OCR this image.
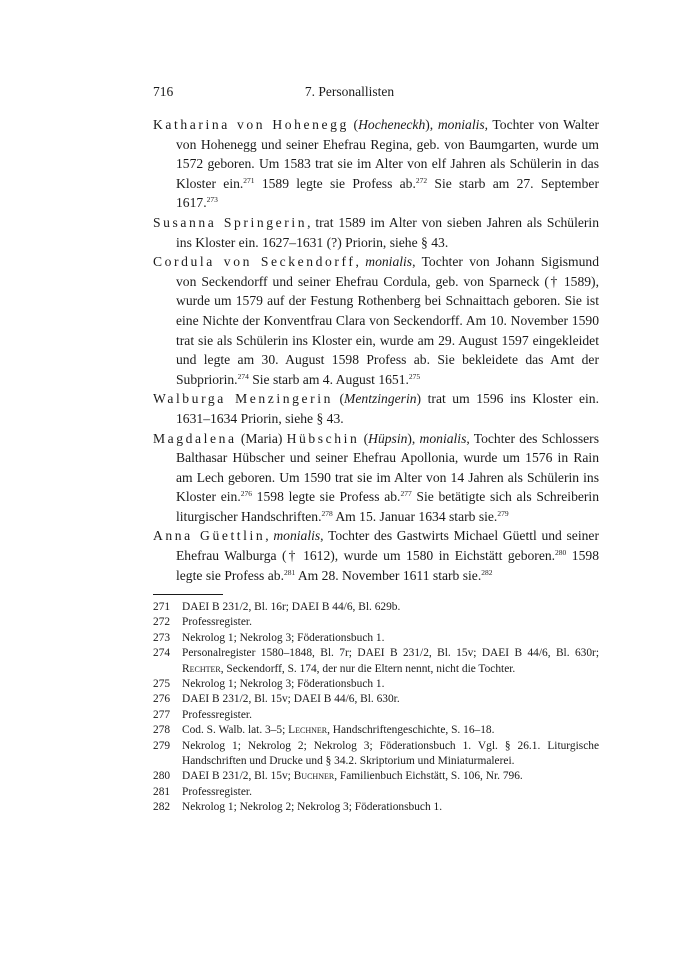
716	7. Personallisten

Katharina von Hohenegg (Hocheneckh), monialis, Tochter von Walter von Hohenegg und seiner Ehefrau Regina, geb. von Baumgarten, wurde um 1572 geboren. Um 1583 trat sie im Alter von elf Jahren als Schülerin in das Kloster ein.$^{271}$ 1589 legte sie Profess ab.$^{272}$ Sie starb am 27. September 1617.$^{273}$

Susanna Springerin, trat 1589 im Alter von sieben Jahren als Schülerin ins Kloster ein. 1627–1631 (?) Priorin, siehe § 43.

Cordula von Seckendorff, monialis, Tochter von Johann Sigismund von Seckendorff und seiner Ehefrau Cordula, geb. von Sparneck († 1589), wurde um 1579 auf der Festung Rothenberg bei Schnaittach geboren. Sie ist eine Nichte der Konventfrau Clara von Seckendorff. Am 10. November 1590 trat sie als Schülerin ins Kloster ein, wurde am 29. August 1597 eingekleidet und legte am 30. August 1598 Profess ab. Sie bekleidete das Amt der Subpriorin.$^{274}$ Sie starb am 4. August 1651.$^{275}$

Walburga Menzingerin (Mentzingerin) trat um 1596 ins Kloster ein. 1631–1634 Priorin, siehe § 43.

Magdalena (Maria) Hübschin (Hüpsin), monialis, Tochter des Schlossers Balthasar Hübscher und seiner Ehefrau Apollonia, wurde um 1576 in Rain am Lech geboren. Um 1590 trat sie im Alter von 14 Jahren als Schülerin ins Kloster ein.$^{276}$ 1598 legte sie Profess ab.$^{277}$ Sie betätigte sich als Schreiberin liturgischer Handschriften.$^{278}$ Am 15. Januar 1634 starb sie.$^{279}$

Anna Güettlin, monialis, Tochter des Gastwirts Michael Güettl und seiner Ehefrau Walburga († 1612), wurde um 1580 in Eichstätt geboren.$^{280}$ 1598 legte sie Profess ab.$^{281}$ Am 28. November 1611 starb sie.$^{282}$

271 DAEI B 231/2, Bl. 16r; DAEI B 44/6, Bl. 629b.
272 Professregister.
273 Nekrolog 1; Nekrolog 3; Föderationsbuch 1.
274 Personalregister 1580–1848, Bl. 7r; DAEI B 231/2, Bl. 15v; DAEI B 44/6, Bl. 630r; Rechter, Seckendorff, S. 174, der nur die Eltern nennt, nicht die Tochter.
275 Nekrolog 1; Nekrolog 3; Föderationsbuch 1.
276 DAEI B 231/2, Bl. 15v; DAEI B 44/6, Bl. 630r.
277 Professregister.
278 Cod. S. Walb. lat. 3–5; Lechner, Handschriftengeschichte, S. 16–18.
279 Nekrolog 1; Nekrolog 2; Nekrolog 3; Föderationsbuch 1. Vgl. § 26.1. Liturgische Handschriften und Drucke und § 34.2. Skriptorium und Miniaturmalerei.
280 DAEI B 231/2, Bl. 15v; Buchner, Familienbuch Eichstätt, S. 106, Nr. 796.
281 Professregister.
282 Nekrolog 1; Nekrolog 2; Nekrolog 3; Föderationsbuch 1.
